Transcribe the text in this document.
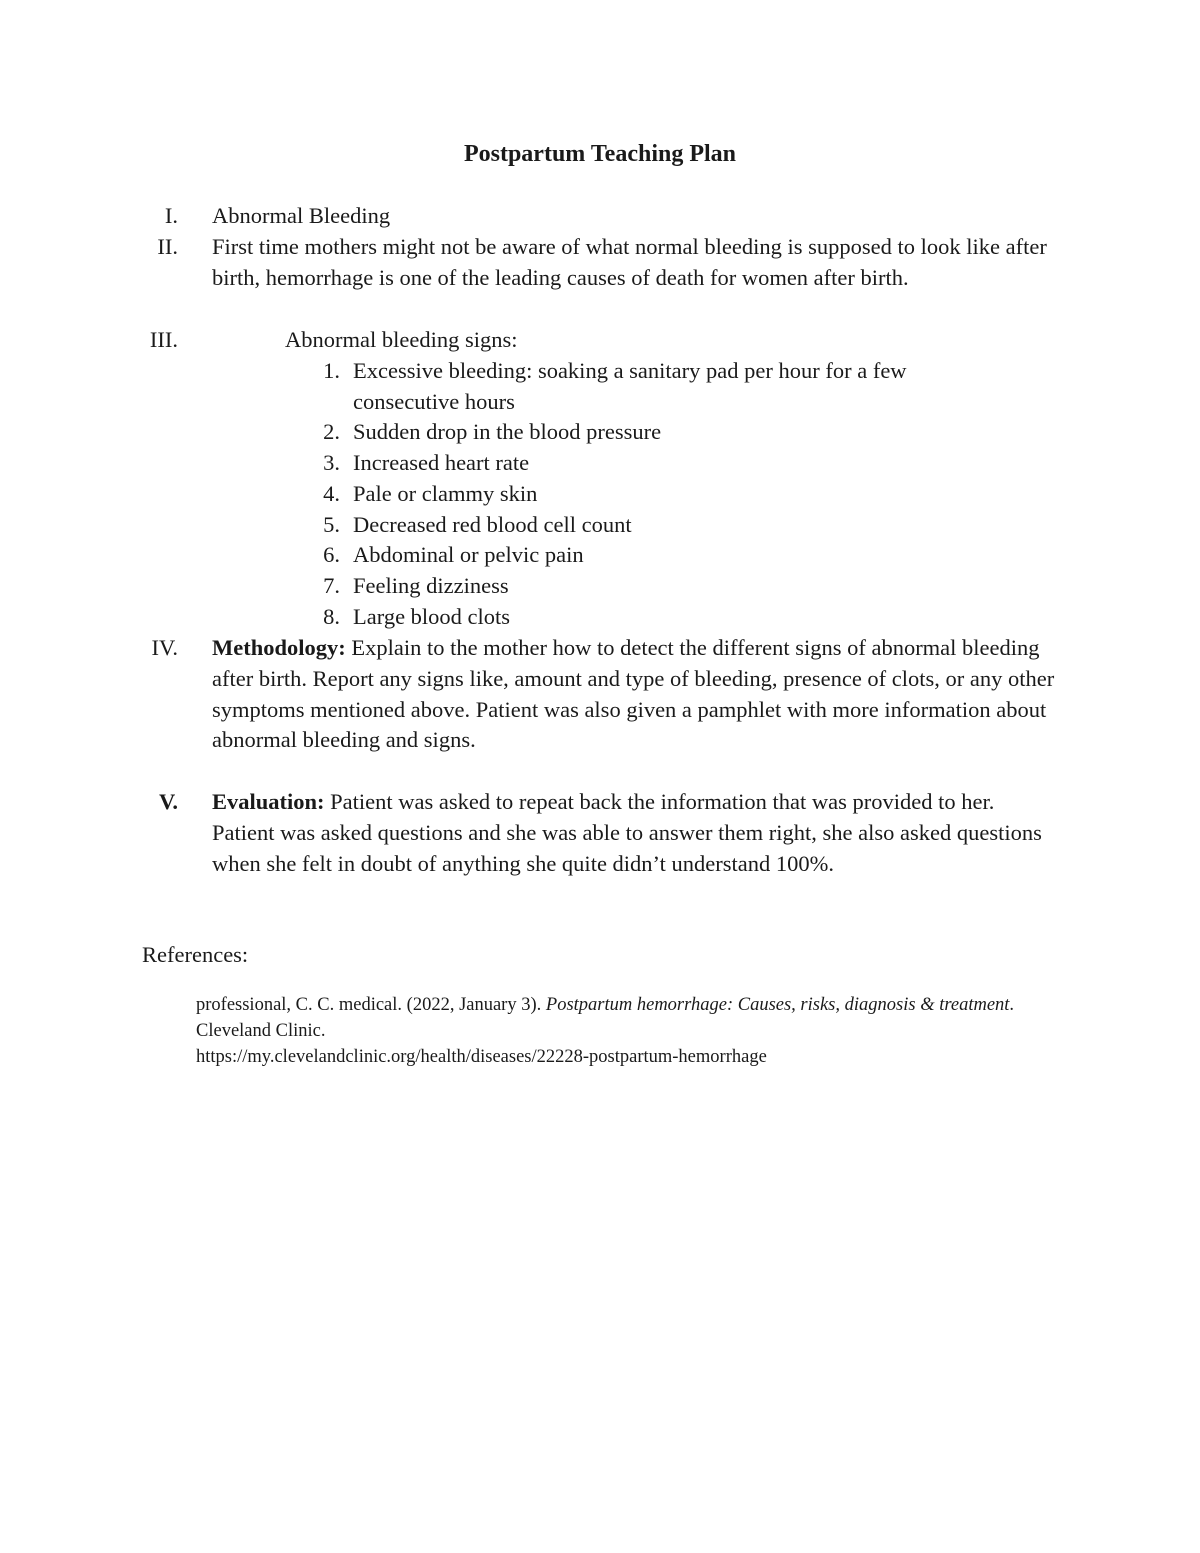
Postpartum Teaching Plan
I. Abnormal Bleeding
II. First time mothers might not be aware of what normal bleeding is supposed to look like after birth, hemorrhage is one of the leading causes of death for women after birth.
III.	Abnormal bleeding signs:
1. Excessive bleeding: soaking a sanitary pad per hour for a few consecutive hours
2. Sudden drop in the blood pressure
3. Increased heart rate
4. Pale or clammy skin
5. Decreased red blood cell count
6. Abdominal or pelvic pain
7. Feeling dizziness
8. Large blood clots
IV. Methodology: Explain to the mother how to detect the different signs of abnormal bleeding after birth. Report any signs like, amount and type of bleeding, presence of clots, or any other symptoms mentioned above. Patient was also given a pamphlet with more information about abnormal bleeding and signs.
V. Evaluation: Patient was asked to repeat back the information that was provided to her. Patient was asked questions and she was able to answer them right, she also asked questions when she felt in doubt of anything she quite didn’t understand 100%.
References:
professional, C. C. medical. (2022, January 3). Postpartum hemorrhage: Causes, risks, diagnosis & treatment. Cleveland Clinic.
https://my.clevelandclinic.org/health/diseases/22228-postpartum-hemorrhage
